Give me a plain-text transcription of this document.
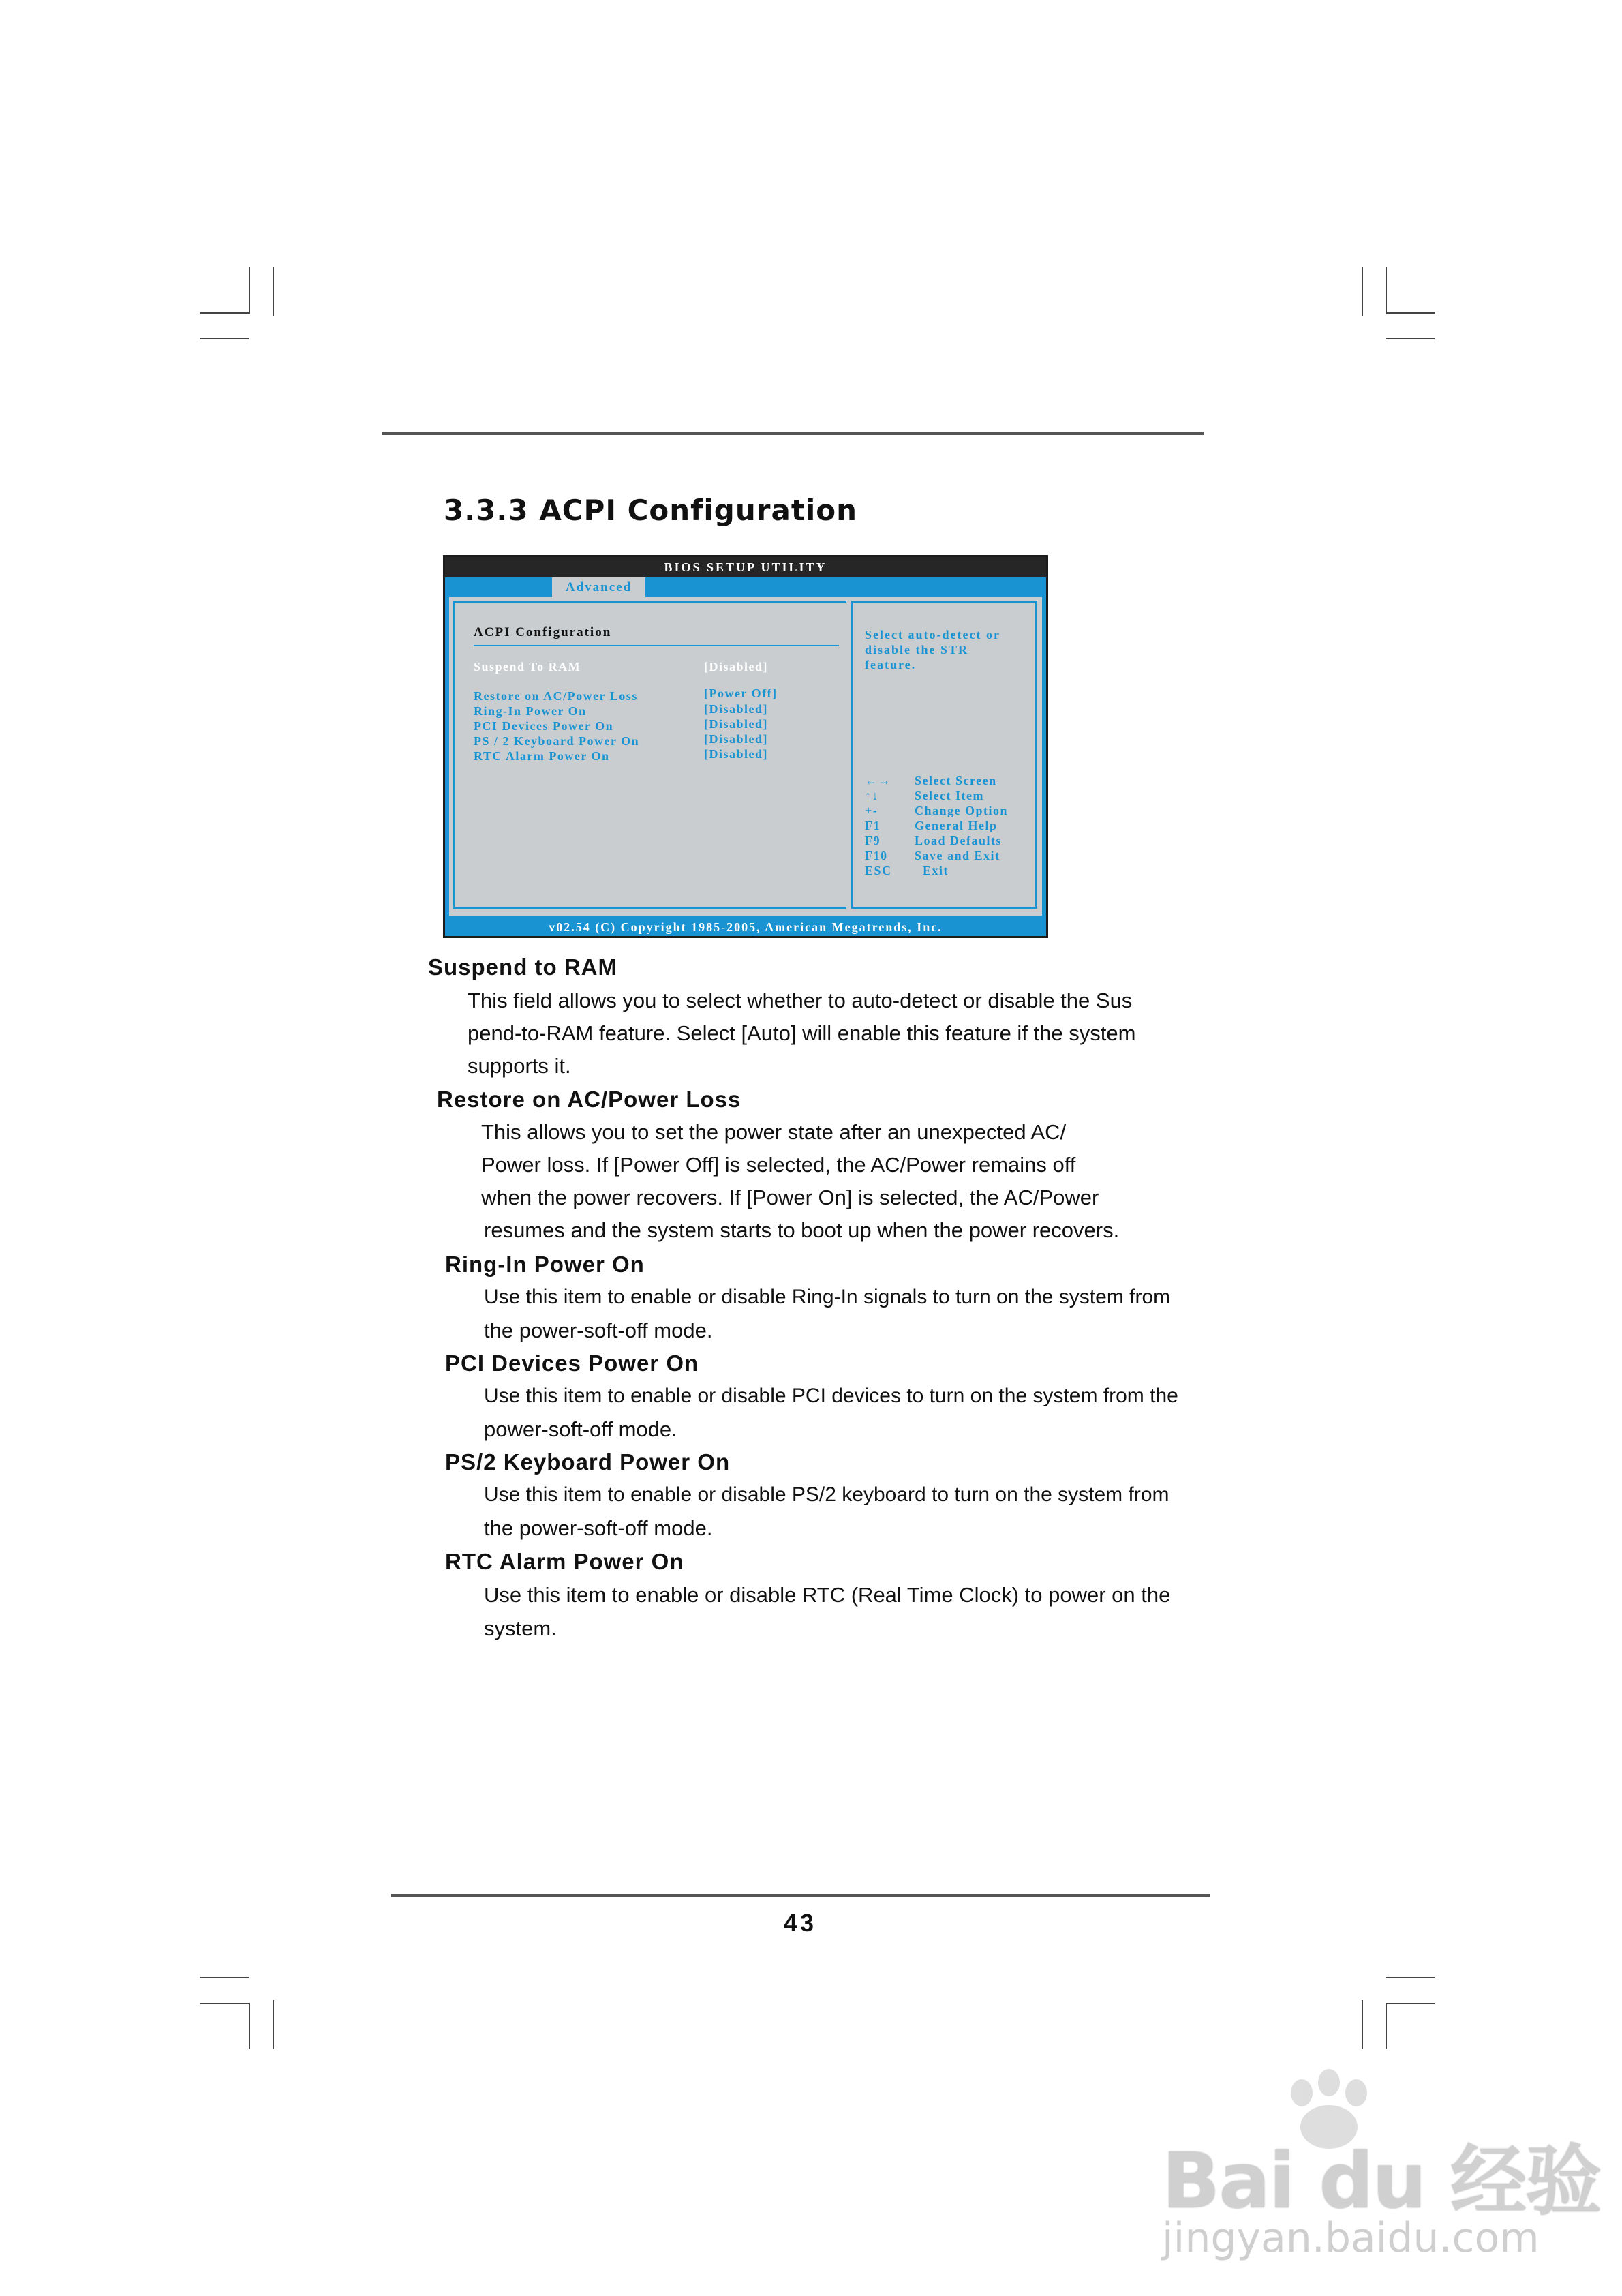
3.3.3 ACPI Configuration
BIOS SETUP UTILITY
Advanced
ACPI Configuration
Suspend To RAM	[Disabled]
Restore on AC/Power Loss	[Power Off]
Ring-In Power On	[Disabled]
PCI Devices Power On	[Disabled]
PS / 2 Keyboard Power On	[Disabled]
RTC Alarm Power On	[Disabled]
Select auto-detect or
disable the STR
feature.
←→ Select Screen
↑↓	Select Item
+-	Change Option
F1	General Help
F9	Load Defaults
F10 Save and Exit
ESC	Exit
v02.54 (C) Copyright 1985-2005, American Megatrends, Inc.
Suspend to RAM
This field allows you to select whether to auto-detect or disable the Sus
pend-to-RAM feature. Select [Auto] will enable this feature if the system
supports it.
Restore on AC/Power Loss
This allows you to set the power state after an unexpected AC/
Power loss. If [Power Off] is selected, the AC/Power remains off
when the power recovers. If [Power On] is selected, the AC/Power
resumes and the system starts to boot up when the power recovers.
Ring-In Power On
Use this item to enable or disable Ring-In signals to turn on the system from
the power-soft-off mode.
PCI Devices Power On
Use this item to enable or disable PCI devices to turn on the system from the
power-soft-off mode.
PS/2 Keyboard Power On
Use this item to enable or disable PS/2 keyboard to turn on the system from
the power-soft-off mode.
RTC Alarm Power On
Use this item to enable or disable RTC (Real Time Clock) to power on the
system.
43
Bai du 经验
jingyan.baidu.com
